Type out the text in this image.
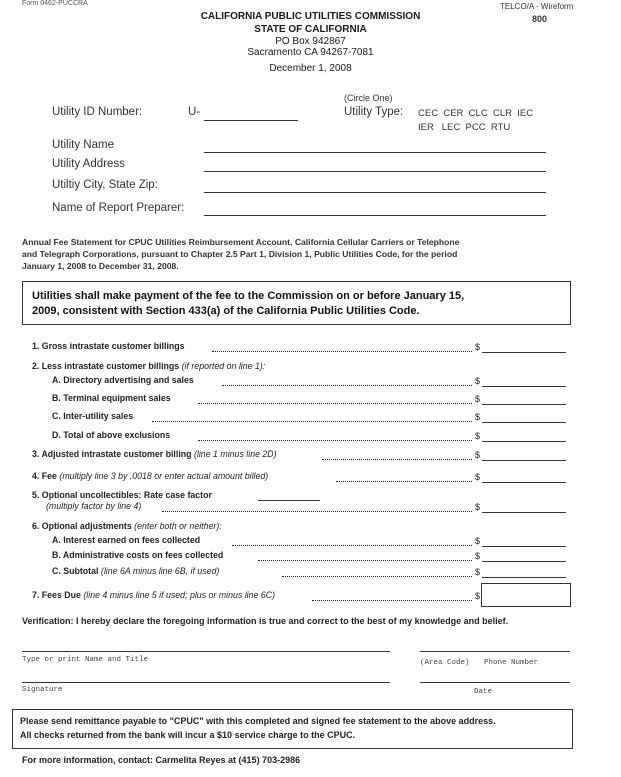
Form 0462-PUCCRA	TELCO/A - Wireform
800
CALIFORNIA PUBLIC UTILITIES COMMISSION
STATE OF CALIFORNIA
PO Box 942867
Sacramento CA 94267-7081
December 1, 2008
Utility ID Number:	U-
(Circle One)
Utility Type: CEC  CER  CLC  CLR  IEC
IER   LEC  PCC  RTU
Utility Name
Utility Address
Utiltiy City, State Zip:
Name of Report Preparer:
Annual Fee Statement for CPUC Utilities Reimbursement Account, California Cellular Carriers or Telephone
and Telegraph Corporations, pursuant to Chapter 2.5 Part 1, Division 1, Public Utilities Code, for the period
January 1, 2008 to December 31, 2008.
Utilities shall make payment of the fee to the Commission on or before January 15,
2009, consistent with Section 433(a) of the California Public Utilities Code.
1. Gross intrastate customer billings	$
2. Less intrastate customer billings (if reported on line 1):
A. Directory advertising and sales	$
B. Terminal equipment sales	$
C. Inter-utility sales	$
D. Total of above exclusions	$
3. Adjusted intrastate customer billing (line 1 minus line 2D)	$
4. Fee (multiply line 3 by .0018 or enter actual amount billed)	$
5. Optional uncollectibles: Rate case factor
(multiply factor by line 4)	$
6. Optional adjustments (enter both or neither):
A. Interest earned on fees collected	$
B. Administrative costs on fees collected	$
C. Subtotal (line 6A minus line 6B, if used)	$
7. Fees Due (line 4 minus line 5 if used; plus or minus line 6C)	$
Verification: I hereby declare the foregoing information is true and correct to the best of my knowledge and belief.
Type or print Name and Title	(Area Code) Phone Number
Signature	Date
Please send remittance payable to "CPUC" with this completed and signed fee statement to the above address.
All checks returned from the bank will incur a $10 service charge to the CPUC.
For more information, contact: Carmelita Reyes at (415) 703-2986
